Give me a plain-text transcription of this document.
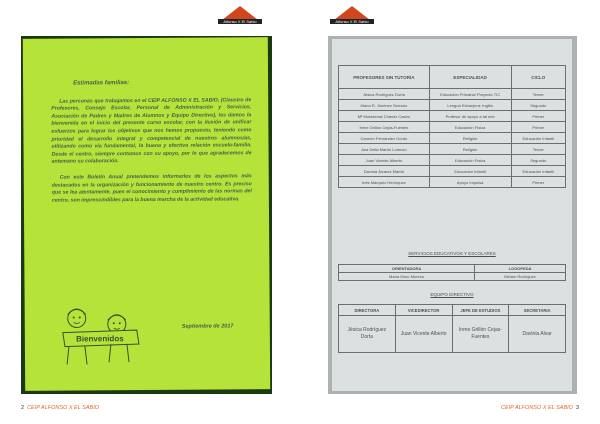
Alfonso X El Sabio	Alfonso X El Sabio
Estimadas familias:

Las personas que trabajamos en el CEIP ALFONSO X EL SABIO, (Claustro de Profesores, Consejo Escolar, Personal de Administración y Servicios, Asociación de Padres y Madres de Alumnos y Equipo Directivo), les damos la bienvenida en el inicio del presente curso escolar, con la ilusión de unificar esfuerzos para lograr los objetivos que nos hemos propuesto, teniendo como prioridad el desarrollo integral y competencial de nuestros alumnos/as, utilizando como vía fundamental, la buena y efectiva relación escuela-familia. Desde el centro, siempre contamos con su apoyo, por lo que agradecemos de antemano su colaboración.

Con este Boletín Anual pretendemos informarles de los aspectos más destacados en la organización y funcionamiento de nuestro centro. Es preciso que se lea atentamente, pues el conocimiento y cumplimiento de las normas del centro, son imprescindibles para la buena marcha de la actividad educativa.

Bienvenidos
Septiembre de 2017
PROFESORES SIN TUTORÍA	ESPECIALIDAD	CICLO
Jésica Rodríguez Dorta	Educación Primaria/ Proyecto TIC	Tercer
María R. Jiménez Serrano	Lengua Extranjera: Inglés	Segundo
Mª Montserrat Chávez Castro	Profesor de apoyo a tal nee	Primer
Irene Grillón Cejas-Fuentes	Educación Física	Primer
Carmen Fernández Gordo	Religión	Educación Infantil
Ana Delia Martín Lorenzo	Religión	Tercer
Juan Vicente Alberto	Educación Física	Segundo
Davinia Álvarez Martín	Educación Infantil	Educación Infantil
Inés Márquez Henríquez	Apoyo Impulsa	Primer
SERVICIOS EDUCATIVOS Y ESCOLARES
ORIENTADORA	LOGOPEDA
María Moro Moreno	Miriam Rodríguez
EQUIPO DIRECTIVO
DIRECTORA	VICEDIRECTOR	JEFE DE ESTUDIOS	SECRETARIA
Jésica Rodríguez Dorta	Juan Vicente Alberto	Irene Grillón Cejas-Fuentes	Davinia Alvar
2 CEIP ALFONSO X EL SABIO	CEIP ALFONSO X EL SABIO 3
